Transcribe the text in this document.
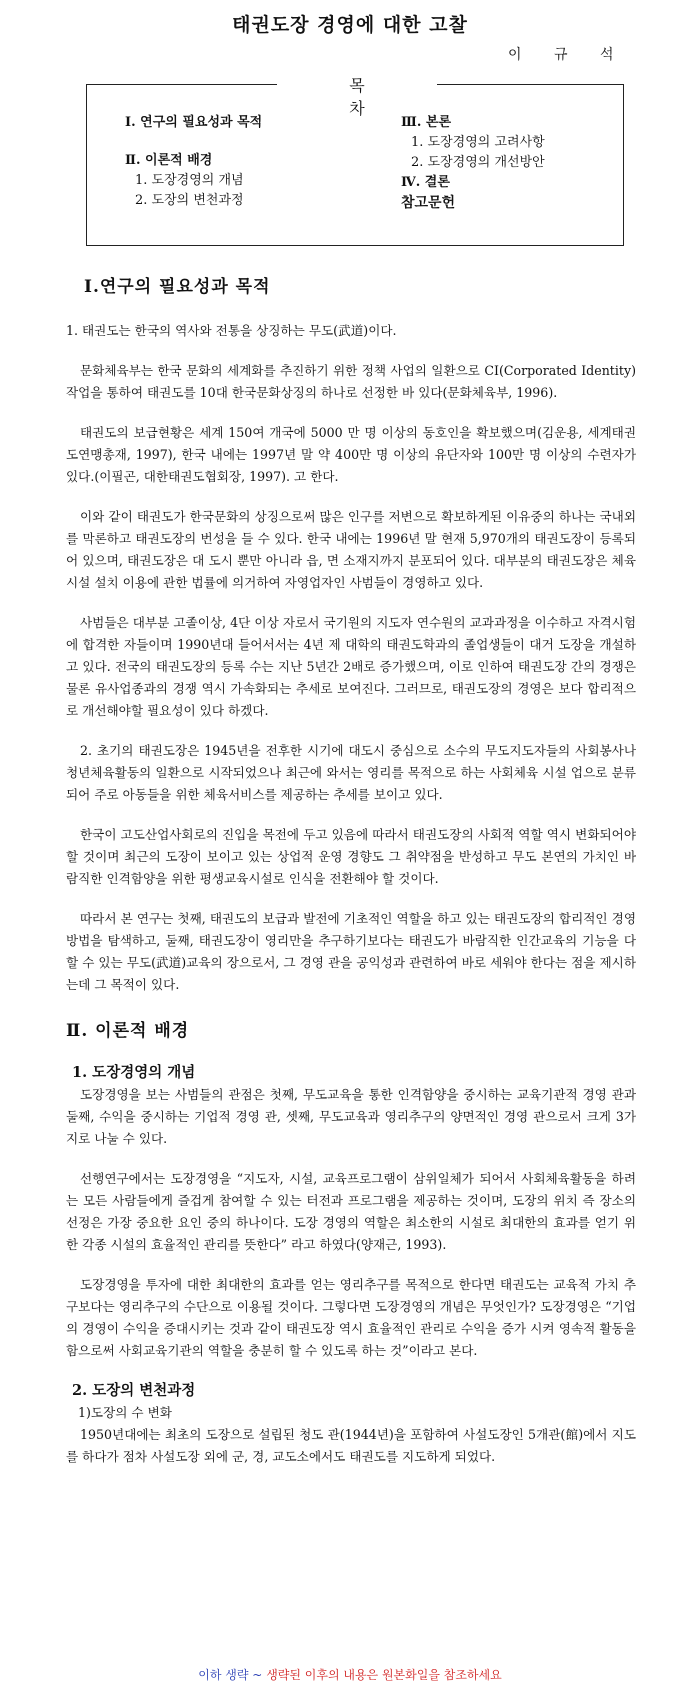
태권도장 경영에 대한 고찰
이 규 석
목 차
Ⅰ. 연구의 필요성과 목적
Ⅱ. 이론적 배경
1. 도장경영의 개념
2. 도장의 변천과정
Ⅲ. 본론
1. 도장경영의 고려사항
2. 도장경영의 개선방안
Ⅳ. 결론
참고문헌
Ⅰ.연구의 필요성과 목적
1. 태권도는 한국의 역사와 전통을 상징하는 무도(武道)이다.
문화체육부는 한국 문화의 세계화를 추진하기 위한 정책 사업의 일환으로 CI(Corporated Identity)작업을 통하여 태권도를 10대 한국문화상징의 하나로 선정한 바 있다(문화체육부, 1996).
태권도의 보급현황은 세계 150여 개국에 5000 만 명 이상의 동호인을 확보했으며(김운용, 세계태권도연맹총재, 1997), 한국 내에는 1997년 말 약 400만 명 이상의 유단자와 100만 명 이상의 수련자가 있다.(이필곤, 대한태권도협회장, 1997). 고 한다.
이와 같이 태권도가 한국문화의 상징으로써 많은 인구를 저변으로 확보하게된 이유중의 하나는 국내외를 막론하고 태권도장의 번성을 들 수 있다. 한국 내에는 1996년 말 현재 5,970개의 태권도장이 등록되어 있으며, 태권도장은 대 도시 뿐만 아니라 읍, 면 소재지까지 분포되어 있다. 대부분의 태권도장은 체육시설 설치 이용에 관한 법률에 의거하여 자영업자인 사범들이 경영하고 있다.
사범들은 대부분 고졸이상, 4단 이상 자로서 국기원의 지도자 연수원의 교과과정을 이수하고 자격시험에 합격한 자들이며 1990년대 들어서서는 4년 제 대학의 태권도학과의 졸업생들이 대거 도장을 개설하고 있다. 전국의 태권도장의 등록 수는 지난 5년간 2배로 증가했으며, 이로 인하여 태권도장 간의 경쟁은 물론 유사업종과의 경쟁 역시 가속화되는 추세로 보여진다. 그러므로, 태권도장의 경영은 보다 합리적으로 개선해야할 필요성이 있다 하겠다.
2. 초기의 태권도장은 1945년을 전후한 시기에 대도시 중심으로 소수의 무도지도자들의 사회봉사나 청년체육활동의 일환으로 시작되었으나 최근에 와서는 영리를 목적으로 하는 사회체육 시설 업으로 분류되어 주로 아동들을 위한 체육서비스를 제공하는 추세를 보이고 있다.
한국이 고도산업사회로의 진입을 목전에 두고 있음에 따라서 태권도장의 사회적 역할 역시 변화되어야 할 것이며 최근의 도장이 보이고 있는 상업적 운영 경향도 그 취약점을 반성하고 무도 본연의 가치인 바람직한 인격함양을 위한 평생교육시설로 인식을 전환해야 할 것이다.
따라서 본 연구는 첫째, 태권도의 보급과 발전에 기초적인 역할을 하고 있는 태권도장의 합리적인 경영방법을 탐색하고, 둘째, 태권도장이 영리만을 추구하기보다는 태권도가 바람직한 인간교육의 기능을 다 할 수 있는 무도(武道)교육의 장으로서, 그 경영 관을 공익성과 관련하여 바로 세워야 한다는 점을 제시하는데 그 목적이 있다.
Ⅱ. 이론적 배경
1. 도장경영의 개념
도장경영을 보는 사범들의 관점은 첫째, 무도교육을 통한 인격함양을 중시하는 교육기관적 경영 관과 둘째, 수익을 중시하는 기업적 경영 관, 셋째, 무도교육과 영리추구의 양면적인 경영 관으로서 크게 3가지로 나눌 수 있다.
선행연구에서는 도장경영을 “지도자, 시설, 교육프로그램이 삼위일체가 되어서 사회체육활동을 하려는 모든 사람들에게 즐겁게 참여할 수 있는 터전과 프로그램을 제공하는 것이며, 도장의 위치 즉 장소의 선정은 가장 중요한 요인 중의 하나이다. 도장 경영의 역할은 최소한의 시설로 최대한의 효과를 얻기 위한 각종 시설의 효율적인 관리를 뜻한다” 라고 하였다(양재근, 1993).
도장경영을 투자에 대한 최대한의 효과를 얻는 영리추구를 목적으로 한다면 태권도는 교육적 가치 추구보다는 영리추구의 수단으로 이용될 것이다. 그렇다면 도장경영의 개념은 무엇인가? 도장경영은 “기업의 경영이 수익을 증대시키는 것과 같이 태권도장 역시 효율적인 관리로 수익을 증가 시켜 영속적 활동을 함으로써 사회교육기관의 역할을 충분히 할 수 있도록 하는 것”이라고 본다.
2. 도장의 변천과정
1)도장의 수 변화
1950년대에는 최초의 도장으로 설립된 청도 관(1944년)을 포함하여 사설도장인 5개관(館)에서 지도를 하다가 점차 사설도장 외에 군, 경, 교도소에서도 태권도를 지도하게 되었다.
이하 생략 ~ 생략된 이후의 내용은 원본화일을 참조하세요
